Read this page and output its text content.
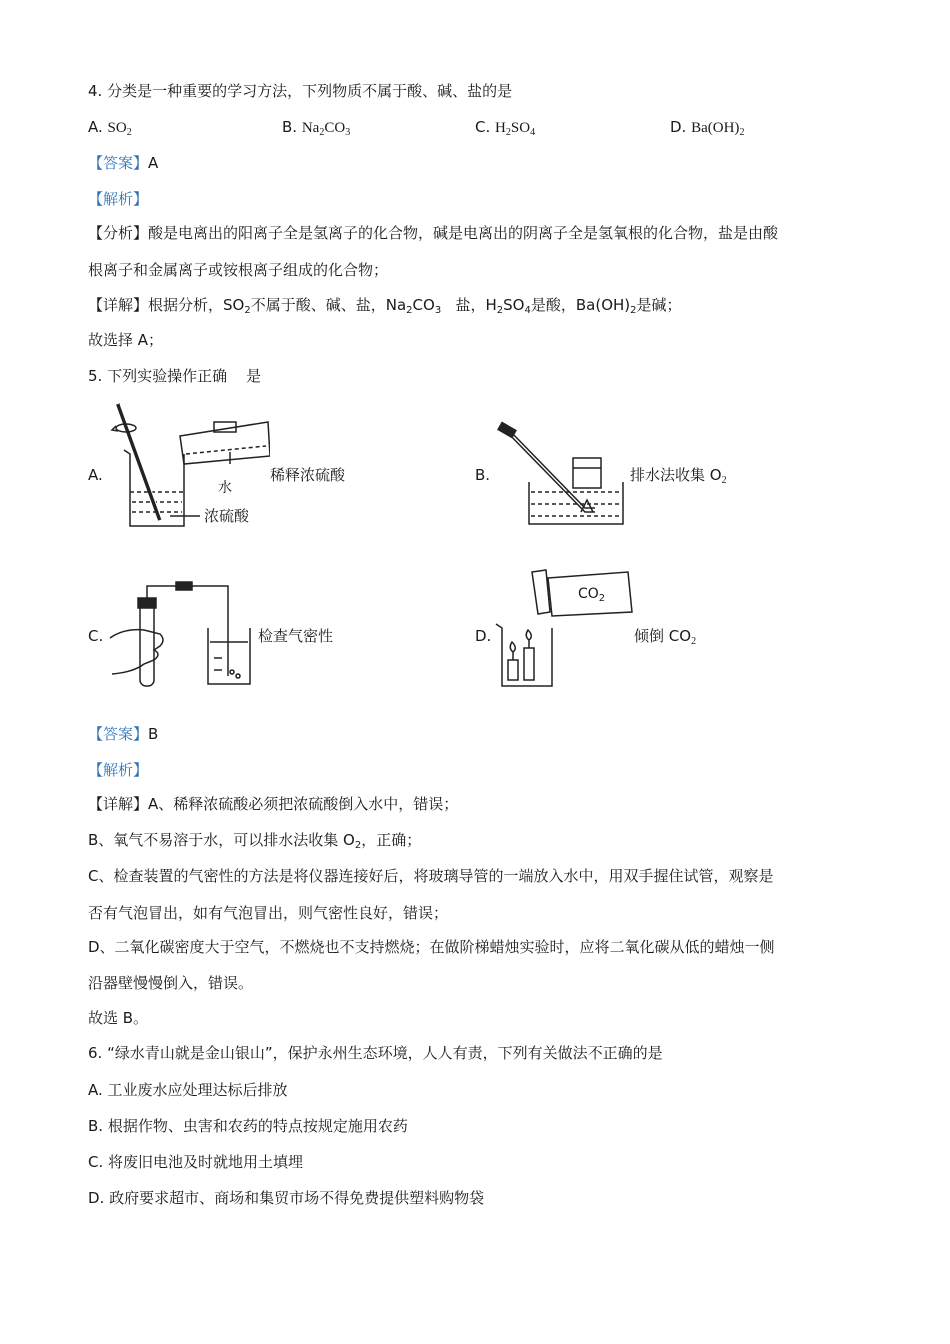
4. 分类是一种重要的学习方法，下列物质不属于酸、碱、盐的是
A. $SO_2$	B. $Na_2CO_3$	C. $H_2SO_4$	D. $Ba(OH)_2$
【答案】A
【解析】
【分析】酸是电离出的阳离子全是氢离子的化合物，碱是电离出的阴离子全是氢氧根的化合物，盐是由酸
根离子和金属离子或铵根离子组成的化合物；
【详解】根据分析，$SO_2$不属于酸、碱、盐，$Na_2CO_3$   盐，$H_2SO_4$是酸，$Ba(OH)_2$是碱；
故选择 A；
5. 下列实验操作正确    是
A.
水
浓硫酸
稀释浓硫酸	B.	排水法收集 $O_2$
C.	检查气密性	D.
$CO_2$
倾倒 $CO_2$
【答案】B
【解析】
【详解】A、稀释浓硫酸必须把浓硫酸倒入水中，错误；
B、氧气不易溶于水，可以排水法收集 $O_2$，正确；
C、检查装置的气密性的方法是将仪器连接好后，将玻璃导管的一端放入水中，用双手握住试管，观察是
否有气泡冒出，如有气泡冒出，则气密性良好，错误；
D、二氧化碳密度大于空气，不燃烧也不支持燃烧；在做阶梯蜡烛实验时，应将二氧化碳从低的蜡烛一侧
沿器壁慢慢倒入，错误。
故选 B。
6. “绿水青山就是金山银山”，保护永州生态环境，人人有责，下列有关做法不正确的是
A. 工业废水应处理达标后排放
B. 根据作物、虫害和农药的特点按规定施用农药
C. 将废旧电池及时就地用土填埋
D. 政府要求超市、商场和集贸市场不得免费提供塑料购物袋
